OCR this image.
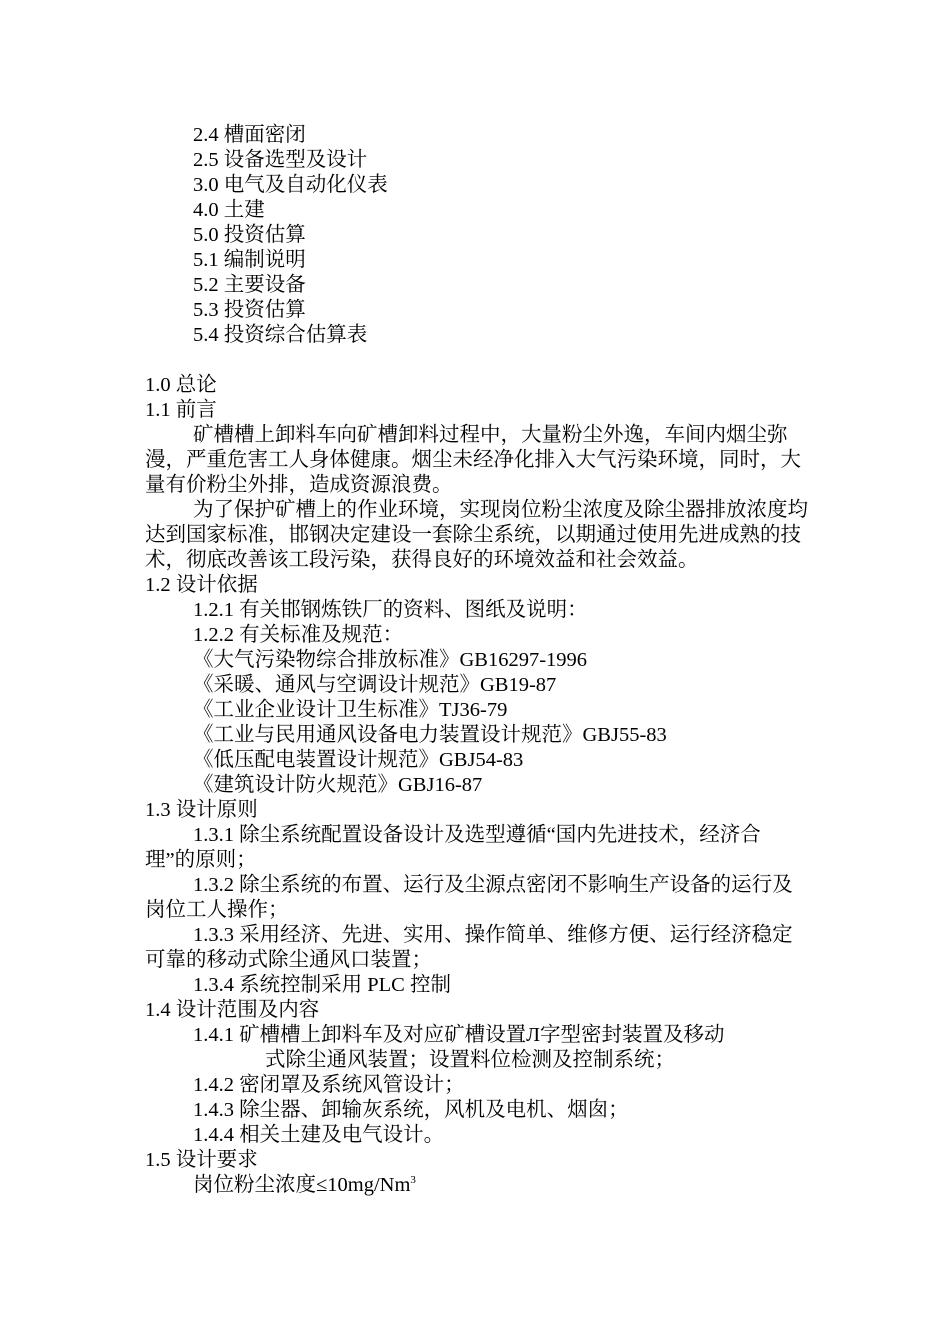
2.4 槽面密闭
2.5 设备选型及设计
3.0 电气及自动化仪表
4.0 土建
5.0 投资估算
5.1 编制说明
5.2 主要设备
5.3 投资估算
5.4 投资综合估算表
1.0 总论
1.1 前言
矿槽槽上卸料车向矿槽卸料过程中，大量粉尘外逸，车间内烟尘弥漫，严重危害工人身体健康。烟尘未经净化排入大气污染环境，同时，大量有价粉尘外排，造成资源浪费。
为了保护矿槽上的作业环境，实现岗位粉尘浓度及除尘器排放浓度均达到国家标准，邯钢决定建设一套除尘系统，以期通过使用先进成熟的技术，彻底改善该工段污染，获得良好的环境效益和社会效益。
1.2 设计依据
1.2.1 有关邯钢炼铁厂的资料、图纸及说明：
1.2.2 有关标准及规范：
《大气污染物综合排放标准》GB16297-1996
《采暖、通风与空调设计规范》GB19-87
《工业企业设计卫生标准》TJ36-79
《工业与民用通风设备电力装置设计规范》GBJ55-83
《低压配电装置设计规范》GBJ54-83
《建筑设计防火规范》GBJ16-87
1.3 设计原则
1.3.1 除尘系统配置设备设计及选型遵循“国内先进技术，经济合理”的原则；
1.3.2 除尘系统的布置、运行及尘源点密闭不影响生产设备的运行及岗位工人操作；
1.3.3 采用经济、先进、实用、操作简单、维修方便、运行经济稳定可靠的移动式除尘通风口装置；
1.3.4 系统控制采用 PLC 控制
1.4 设计范围及内容
1.4.1 矿槽槽上卸料车及对应矿槽设置Л字型密封装置及移动
式除尘通风装置；设置料位检测及控制系统；
1.4.2 密闭罩及系统风管设计；
1.4.3 除尘器、卸输灰系统，风机及电机、烟囱；
1.4.4 相关土建及电气设计。
1.5 设计要求
岗位粉尘浓度$\le 10mg/Nm^3$
